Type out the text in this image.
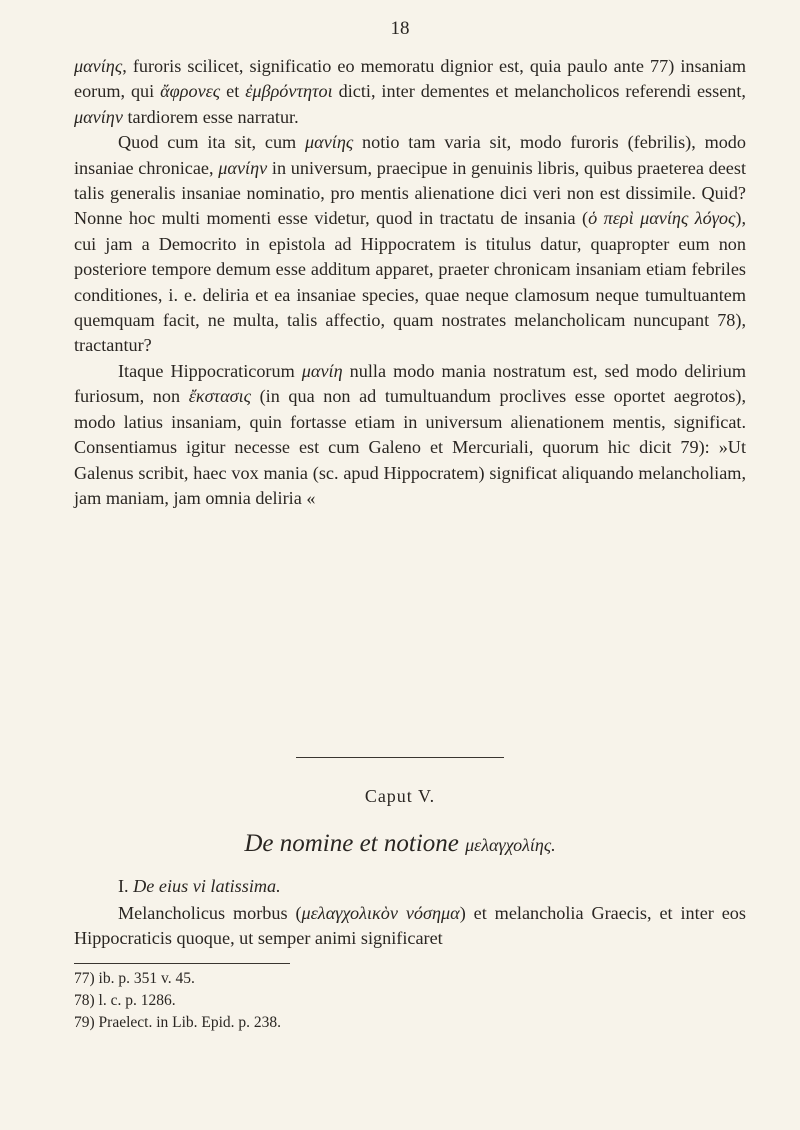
18

μανίης, furoris scilicet, significatio eo memoratu dignior est, quia paulo ante 77) insaniam eorum, qui ἄφρονες et ἐμβρόντητοι dicti, inter dementes et melancholicos referendi essent, μανίην tardiorem esse narratur.

Quod cum ita sit, cum μανίης notio tam varia sit, modo furoris (febrilis), modo insaniae chronicae, μανίην in universum, praecipue in genuinis libris, quibus praeterea deest talis generalis insaniae nominatio, pro mentis alienatione dici veri non est dissimile. Quid? Nonne hoc multi momenti esse videtur, quod in tractatu de insania (ὁ περὶ μανίης λόγος), cui jam a Democrito in epistola ad Hippocratem is titulus datur, quapropter eum non posteriore tempore demum esse additum apparet, praeter chronicam insaniam etiam febriles conditiones, i. e. deliria et ea insaniae species, quae neque clamosum neque tumultuantem quemquam facit, ne multa, talis affectio, quam nostrates melancholicam nuncupant 78), tractantur?

Itaque Hippocraticorum μανίη nulla modo mania nostratum est, sed modo delirium furiosum, non ἔκστασις (in qua non ad tumultuandum proclives esse oportet aegrotos), modo latius insaniam, quin fortasse etiam in universum alienationem mentis, significat. Consentiamus igitur necesse est cum Galeno et Mercuriali, quorum hic dicit 79): »Ut Galenus scribit, haec vox mania (sc. apud Hippocratem) significat aliquando melancholiam, jam maniam, jam omnia deliria «

Caput V.
De nomine et notione μελαγχολίης.
I. De eius vi latissima.

Melancholicus morbus (μελαγχολικὸν νόσημα) et melancholia Graecis, et inter eos Hippocraticis quoque, ut semper animi significaret

77) ib. p. 351 v. 45.
78) l. c. p. 1286.
79) Praelect. in Lib. Epid. p. 238.
